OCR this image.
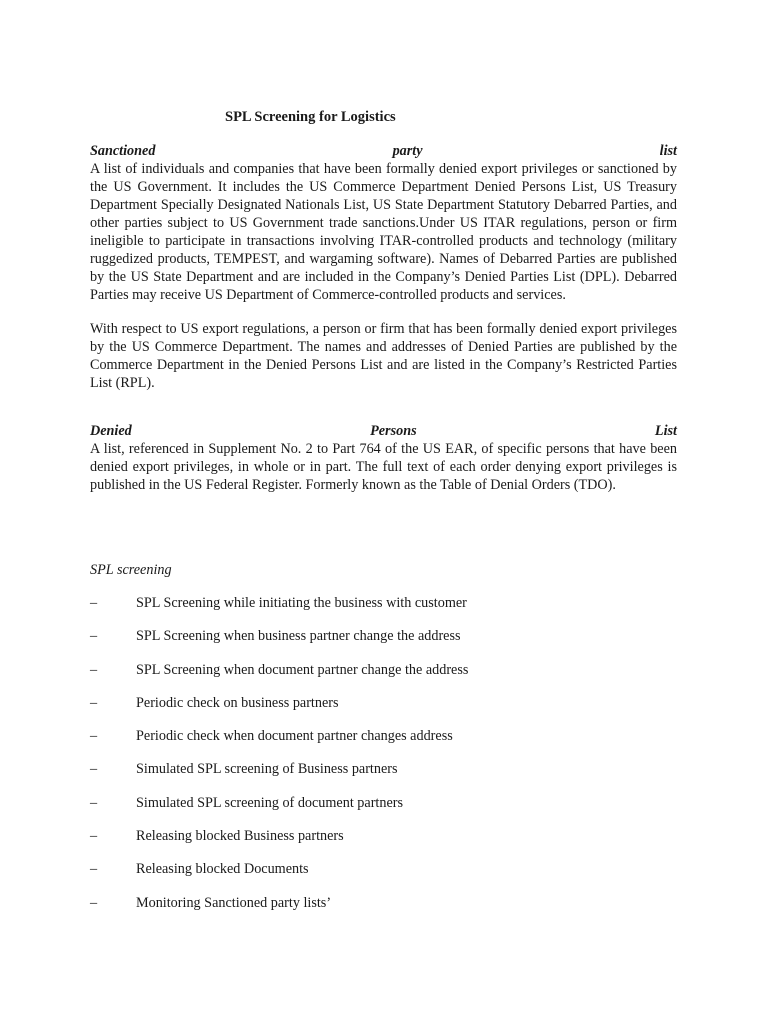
SPL Screening for Logistics

Sanctioned	party	list

A list of individuals and companies that have been formally denied export privileges or sanctioned by the US Government. It includes the US Commerce Department Denied Persons List, US Treasury Department Specially Designated Nationals List, US State Department Statutory Debarred Parties, and other parties subject to US Government trade sanctions.Under US ITAR regulations, person or firm ineligible to participate in transactions involving ITAR-controlled products and technology (military ruggedized products, TEMPEST, and wargaming software). Names of Debarred Parties are published by the US State Department and are included in the Company’s Denied Parties List (DPL). Debarred Parties may receive US Department of Commerce-controlled products and services.

With respect to US export regulations, a person or firm that has been formally denied export privileges by the US Commerce Department. The names and addresses of Denied Parties are published by the Commerce Department in the Denied Persons List and are listed in the Company’s Restricted Parties List (RPL).

Denied	Persons	List

A list, referenced in Supplement No. 2 to Part 764 of the US EAR, of specific persons that have been denied export privileges, in whole or in part. The full text of each order denying export privileges is published in the US Federal Register. Formerly known as the Table of Denial Orders (TDO).

SPL screening

–	SPL Screening while initiating the business with customer
–	SPL Screening when business partner change the address
–	SPL Screening when document partner change the address
–	Periodic check on business partners
–	Periodic check when document partner changes address
–	Simulated SPL screening of Business partners
–	Simulated SPL screening of document partners
–	Releasing blocked Business partners
–	Releasing blocked Documents
–	Monitoring Sanctioned party lists’
